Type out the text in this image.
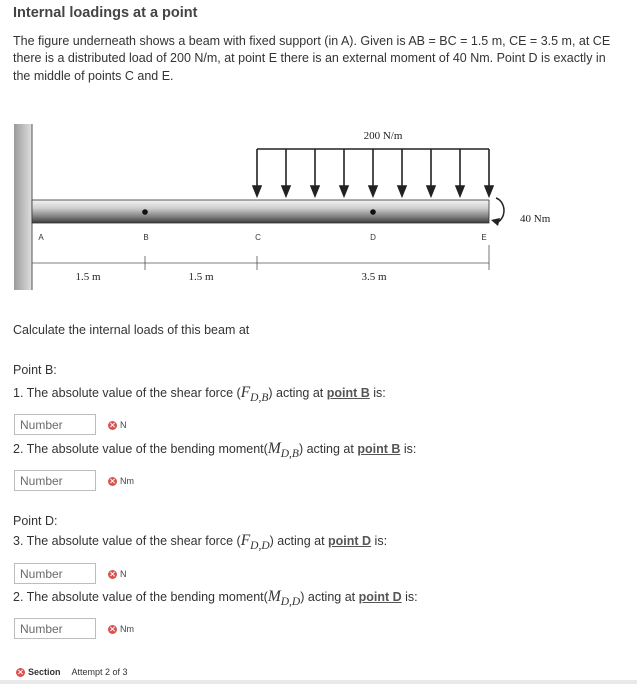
Internal loadings at a point
The figure underneath shows a beam with fixed support (in A). Given is AB = BC = 1.5 m, CE = 3.5 m, at CE there is a distributed load of 200 N/m, at point E there is an external moment of 40 Nm. Point D is exactly in the middle of points C and E.
200 N/m
40 Nm
A	B	C	D	E
1.5 m	1.5 m	3.5 m
Calculate the internal loads of this beam at
Point B:
1. The absolute value of the shear force (FD,B) acting at point B is:
Number
N
2. The absolute value of the bending moment(MD,B) acting at point B is:
Number
Nm
Point D:
3. The absolute value of the shear force (FD,D) acting at point D is:
Number
N
2. The absolute value of the bending moment(MD,D) acting at point D is:
Number
Nm
Section Attempt 2 of 3
